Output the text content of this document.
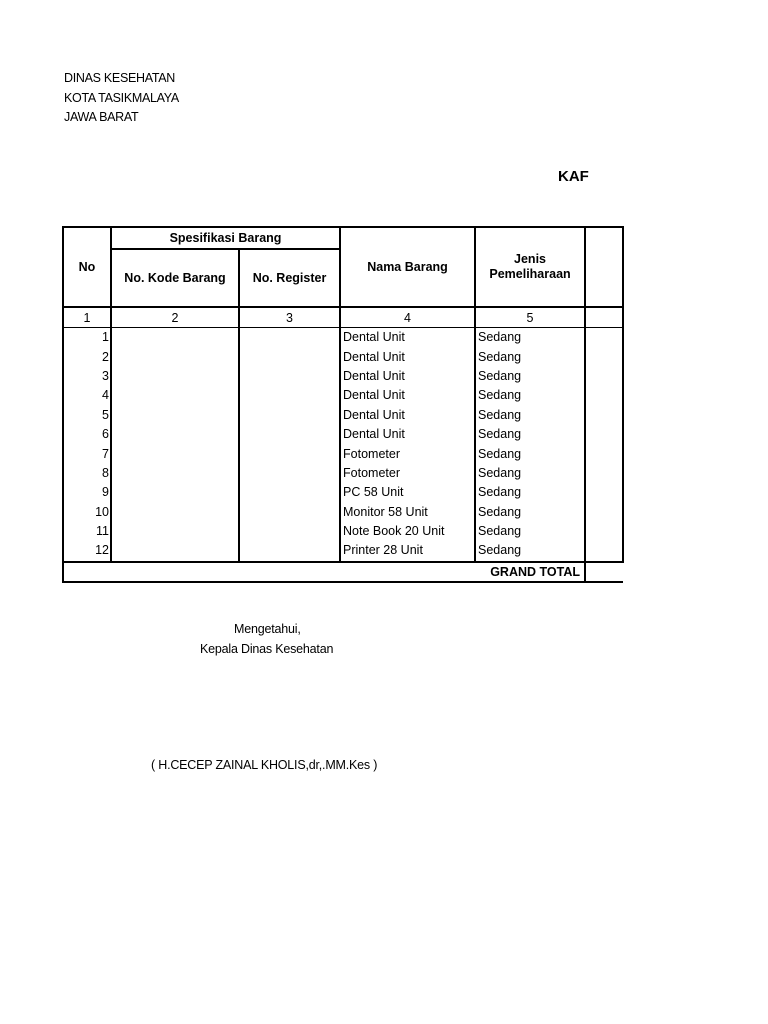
DINAS KESEHATAN
KOTA TASIKMALAYA
JAWA BARAT
KAF
No	Spesifikasi Barang		Nama Barang	Jenis Pemeliharaan	
	No. Kode Barang	No. Register			
1	2	3	4	5	
1			Dental Unit	Sedang	
2			Dental Unit	Sedang	
3			Dental Unit	Sedang	
4			Dental Unit	Sedang	
5			Dental Unit	Sedang	
6			Dental Unit	Sedang	
7			Fotometer	Sedang	
8			Fotometer	Sedang	
9			PC 58 Unit	Sedang	
10			Monitor 58 Unit	Sedang	
11			Note Book 20 Unit	Sedang	
12			Printer 28 Unit	Sedang	
GRAND TOTAL					
Mengetahui,
Kepala Dinas Kesehatan
( H.CECEP ZAINAL KHOLIS,dr,.MM.Kes )
